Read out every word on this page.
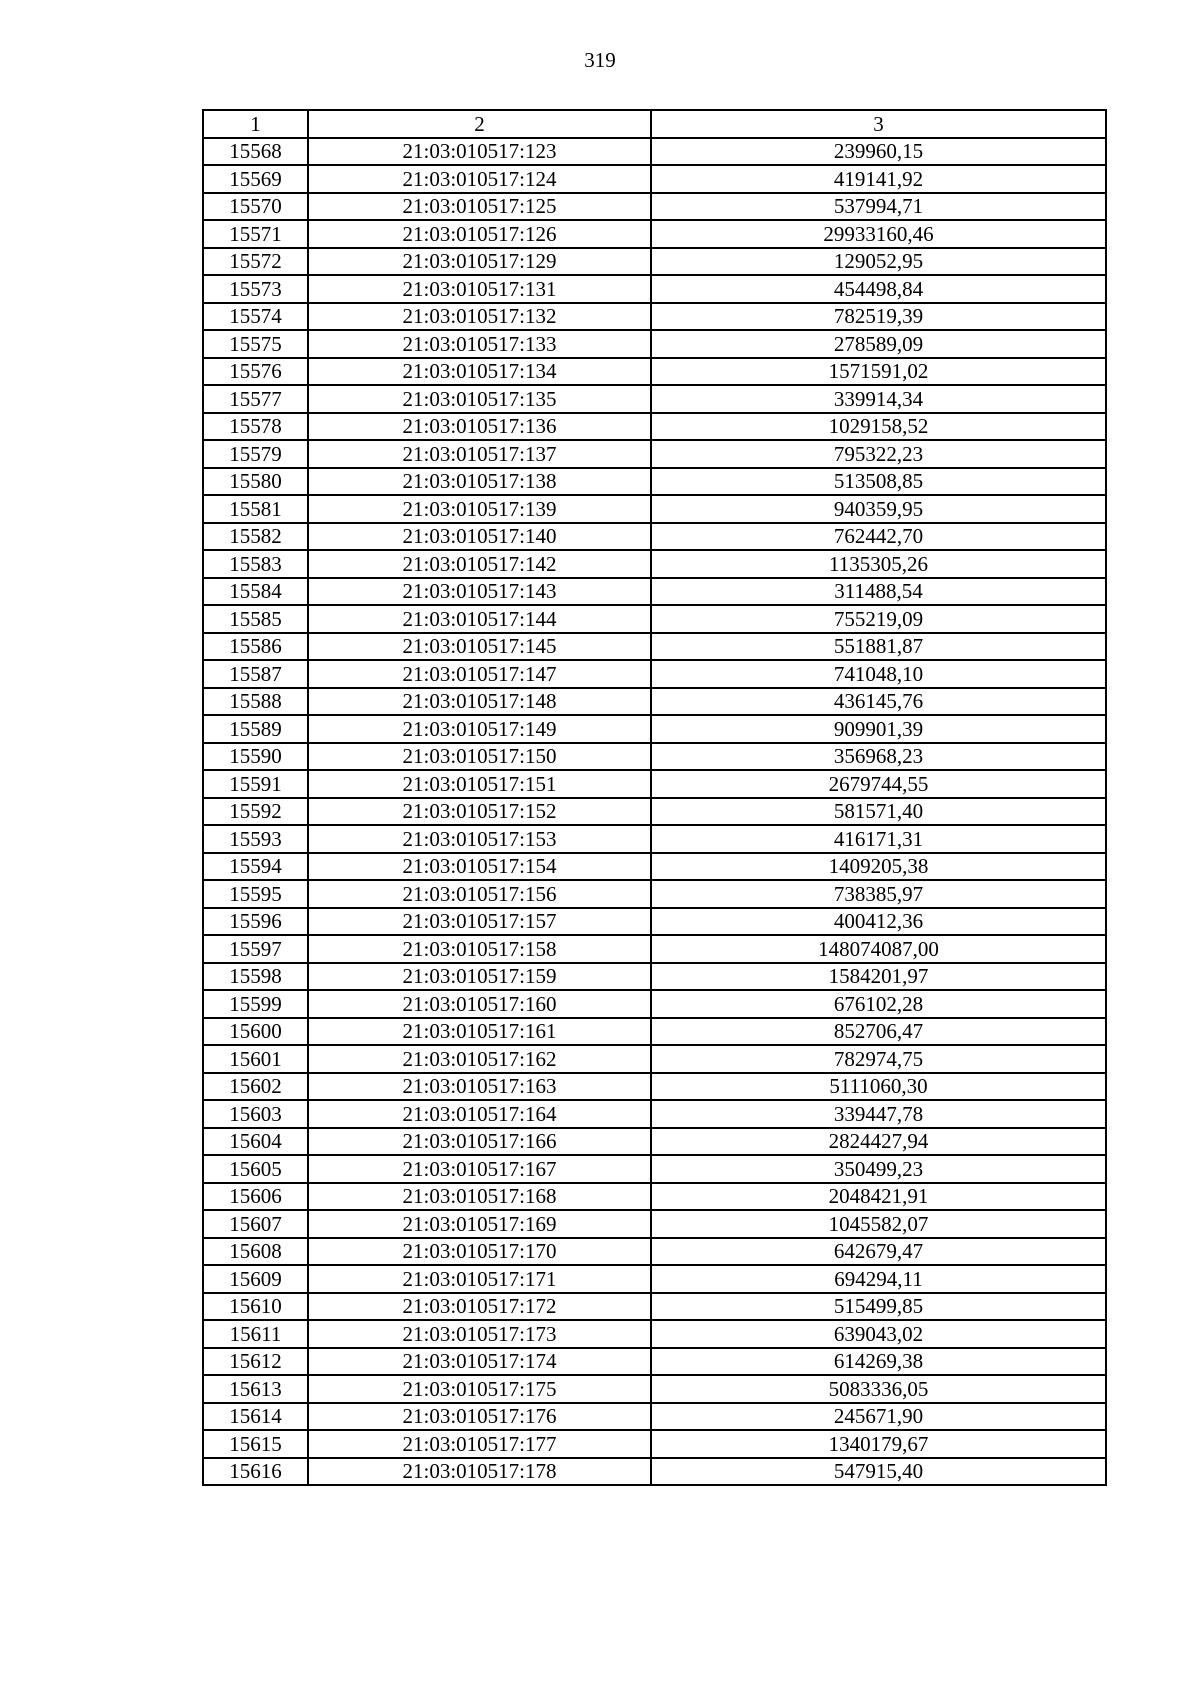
319
1	2	3
15568	21:03:010517:123	239960,15
15569	21:03:010517:124	419141,92
15570	21:03:010517:125	537994,71
15571	21:03:010517:126	29933160,46
15572	21:03:010517:129	129052,95
15573	21:03:010517:131	454498,84
15574	21:03:010517:132	782519,39
15575	21:03:010517:133	278589,09
15576	21:03:010517:134	1571591,02
15577	21:03:010517:135	339914,34
15578	21:03:010517:136	1029158,52
15579	21:03:010517:137	795322,23
15580	21:03:010517:138	513508,85
15581	21:03:010517:139	940359,95
15582	21:03:010517:140	762442,70
15583	21:03:010517:142	1135305,26
15584	21:03:010517:143	311488,54
15585	21:03:010517:144	755219,09
15586	21:03:010517:145	551881,87
15587	21:03:010517:147	741048,10
15588	21:03:010517:148	436145,76
15589	21:03:010517:149	909901,39
15590	21:03:010517:150	356968,23
15591	21:03:010517:151	2679744,55
15592	21:03:010517:152	581571,40
15593	21:03:010517:153	416171,31
15594	21:03:010517:154	1409205,38
15595	21:03:010517:156	738385,97
15596	21:03:010517:157	400412,36
15597	21:03:010517:158	148074087,00
15598	21:03:010517:159	1584201,97
15599	21:03:010517:160	676102,28
15600	21:03:010517:161	852706,47
15601	21:03:010517:162	782974,75
15602	21:03:010517:163	5111060,30
15603	21:03:010517:164	339447,78
15604	21:03:010517:166	2824427,94
15605	21:03:010517:167	350499,23
15606	21:03:010517:168	2048421,91
15607	21:03:010517:169	1045582,07
15608	21:03:010517:170	642679,47
15609	21:03:010517:171	694294,11
15610	21:03:010517:172	515499,85
15611	21:03:010517:173	639043,02
15612	21:03:010517:174	614269,38
15613	21:03:010517:175	5083336,05
15614	21:03:010517:176	245671,90
15615	21:03:010517:177	1340179,67
15616	21:03:010517:178	547915,40
